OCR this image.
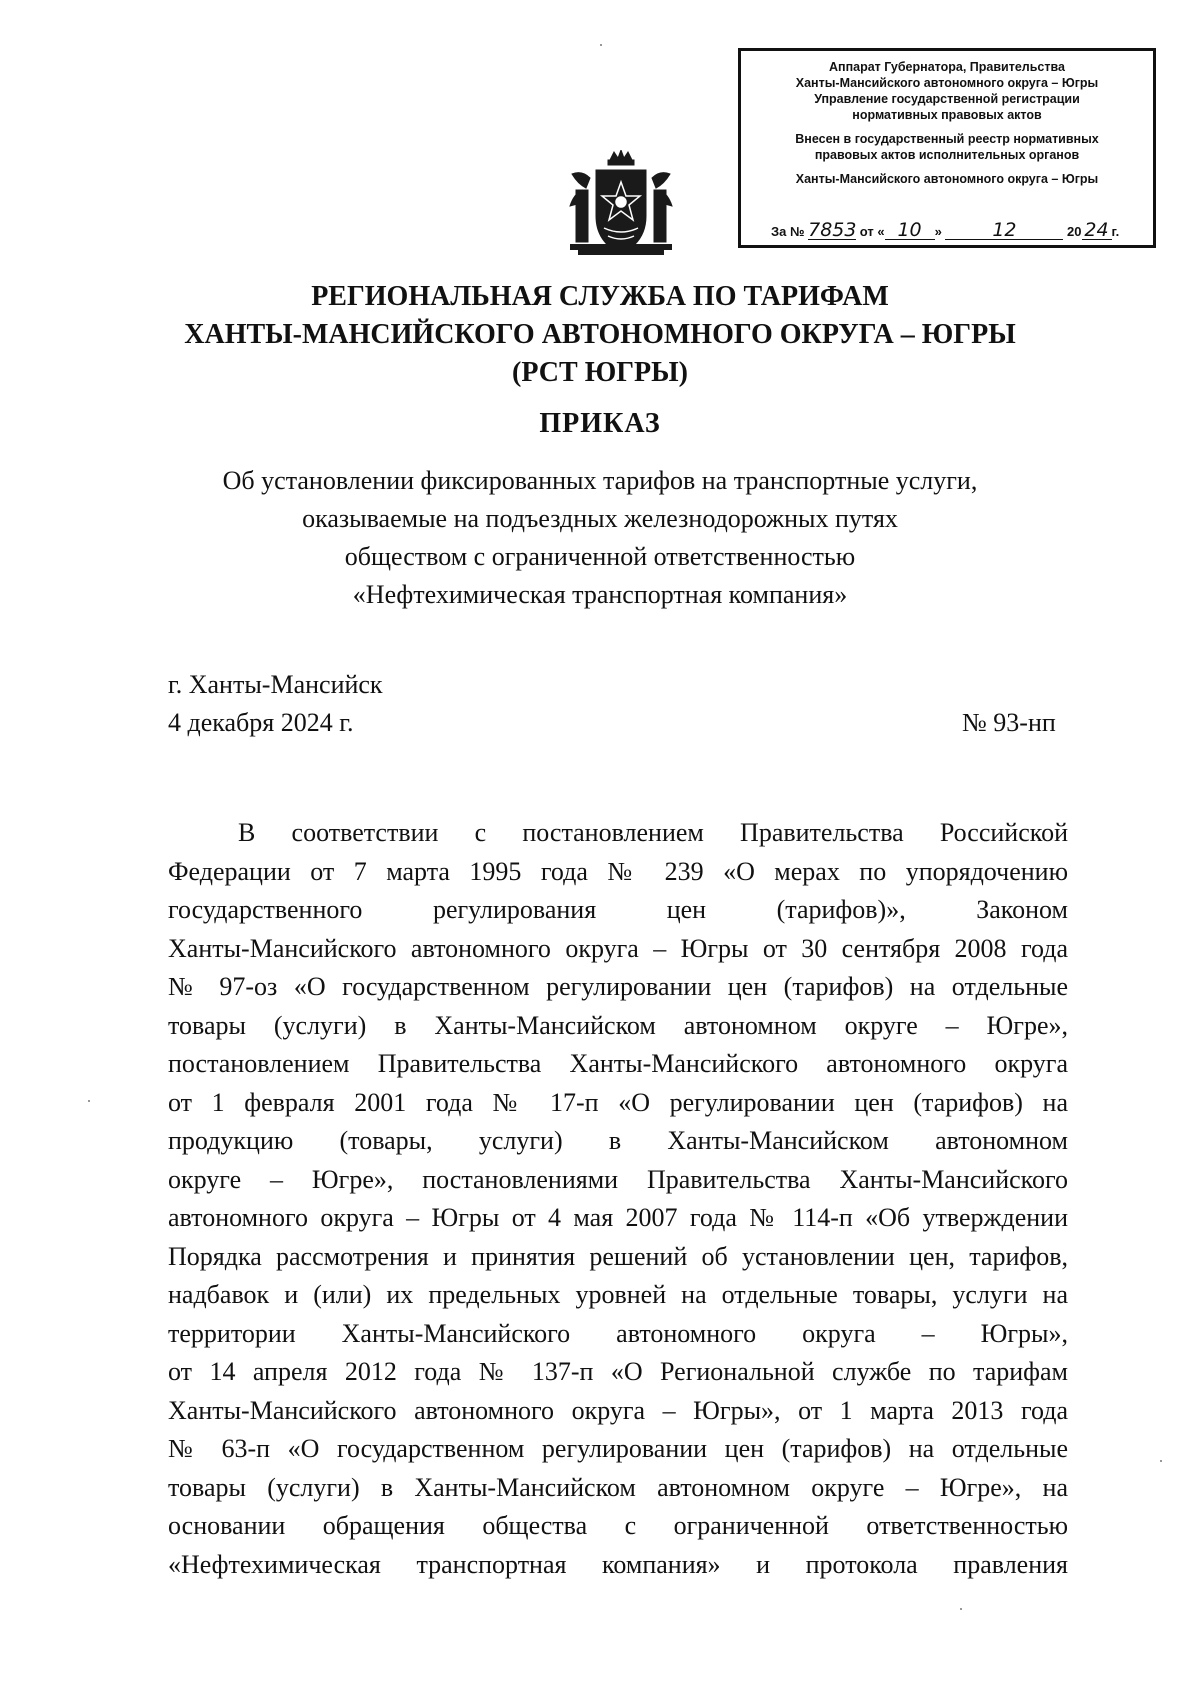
Аппарат Губернатора, Правительства
Ханты-Мансийского автономного округа – Югры
Управление государственной регистрации
нормативных правовых актов
Внесен в государственный реестр нормативных
правовых актов исполнительных органов
Ханты-Мансийского автономного округа – Югры
За № 7853 от « 10 »	12	20 24 г.
РЕГИОНАЛЬНАЯ СЛУЖБА ПО ТАРИФАМ
ХАНТЫ-МАНСИЙСКОГО АВТОНОМНОГО ОКРУГА – ЮГРЫ
(РСТ ЮГРЫ)
ПРИКАЗ
Об установлении фиксированных тарифов на транспортные услуги,
оказываемые на подъездных железнодорожных путях
обществом с ограниченной ответственностью
«Нефтехимическая транспортная компания»
г. Ханты-Мансийск
4 декабря 2024 г.	№ 93-нп
В соответствии с постановлением Правительства Российской
Федерации от 7 марта 1995 года № 239 «О мерах по упорядочению
государственного регулирования цен (тарифов)», Законом
Ханты-Мансийского автономного округа – Югры от 30 сентября 2008 года
№ 97-оз «О государственном регулировании цен (тарифов) на отдельные
товары (услуги) в Ханты-Мансийском автономном округе – Югре»,
постановлением Правительства Ханты-Мансийского автономного округа
от 1 февраля 2001 года № 17-п «О регулировании цен (тарифов) на
продукцию (товары, услуги) в Ханты-Мансийском автономном
округе – Югре», постановлениями Правительства Ханты-Мансийского
автономного округа – Югры от 4 мая 2007 года № 114-п «Об утверждении
Порядка рассмотрения и принятия решений об установлении цен, тарифов,
надбавок и (или) их предельных уровней на отдельные товары, услуги на
территории Ханты-Мансийского автономного округа – Югры»,
от 14 апреля 2012 года № 137-п «О Региональной службе по тарифам
Ханты-Мансийского автономного округа – Югры», от 1 марта 2013 года
№ 63-п «О государственном регулировании цен (тарифов) на отдельные
товары (услуги) в Ханты-Мансийском автономном округе – Югре», на
основании обращения общества с ограниченной ответственностью
«Нефтехимическая транспортная компания» и протокола правления
